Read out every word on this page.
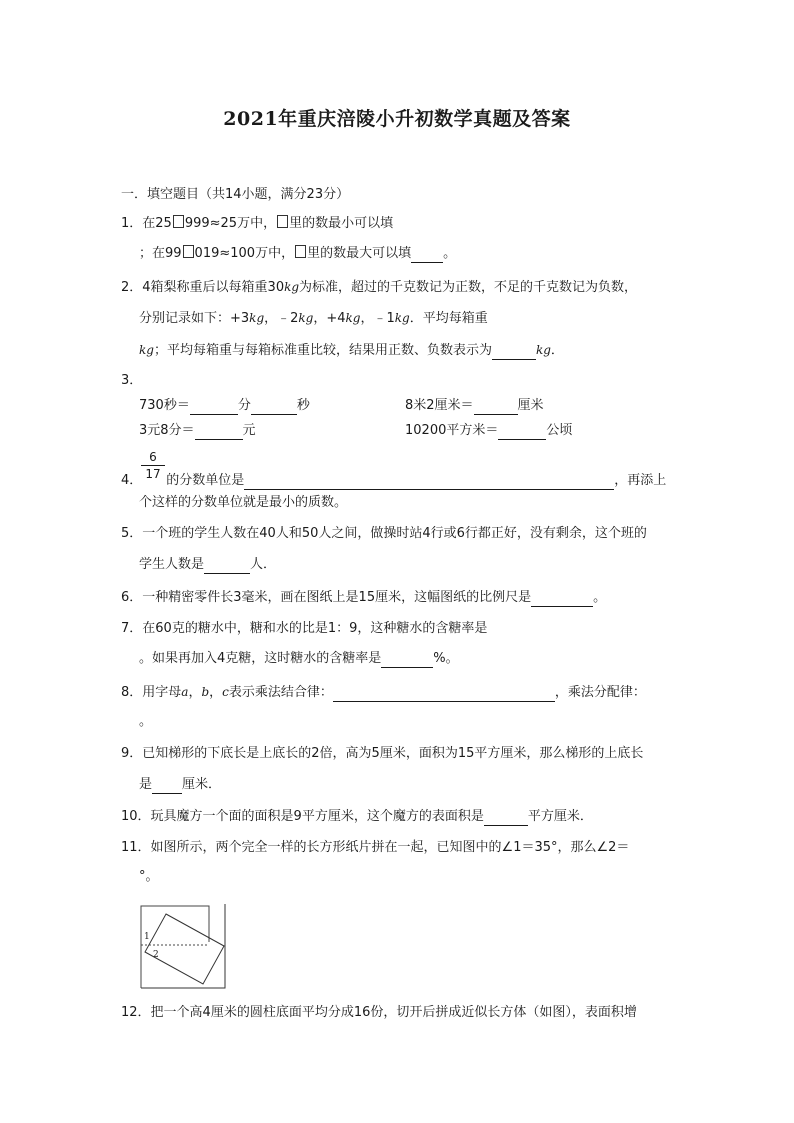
2021年重庆涪陵小升初数学真题及答案
一．填空题目（共14小题，满分23分）
1．在25 999≈25万中， 里的数最小可以填
；在99 019≈100万中， 里的数最大可以填 。
2．4箱梨称重后以每箱重30kg为标准，超过的千克数记为正数，不足的千克数记为负数，
分别记录如下：+3kg，﹣2kg，+4kg，﹣1kg．平均每箱重
kg；平均每箱重与每箱标准重比较，结果用正数、负数表示为	kg．
3．
730秒＝	分	秒	8米2厘米＝	厘米
3元8分＝	元	10200平方米＝	公顷
$\frac{6}{17}$
4． 的分数单位是	，再添上
个这样的分数单位就是最小的质数。
5．一个班的学生人数在40人和50人之间，做操时站4行或6行都正好，没有剩余，这个班的
学生人数是	人．
6．一种精密零件长3毫米，画在图纸上是15厘米，这幅图纸的比例尺是	。
7．在60克的糖水中，糖和水的比是1：9，这种糖水的含糖率是
。如果再加入4克糖，这时糖水的含糖率是	%。
8．用字母a，b，c表示乘法结合律：	，乘法分配律：
。
9．已知梯形的下底长是上底长的2倍，高为5厘米，面积为15平方厘米，那么梯形的上底长
是 厘米．
10．玩具魔方一个面的面积是9平方厘米，这个魔方的表面积是	平方厘米．
11．如图所示，两个完全一样的长方形纸片拼在一起，已知图中的∠1＝35°，那么∠2＝
°。
1
2
12．把一个高4厘米的圆柱底面平均分成16份，切开后拼成近似长方体（如图），表面积增
